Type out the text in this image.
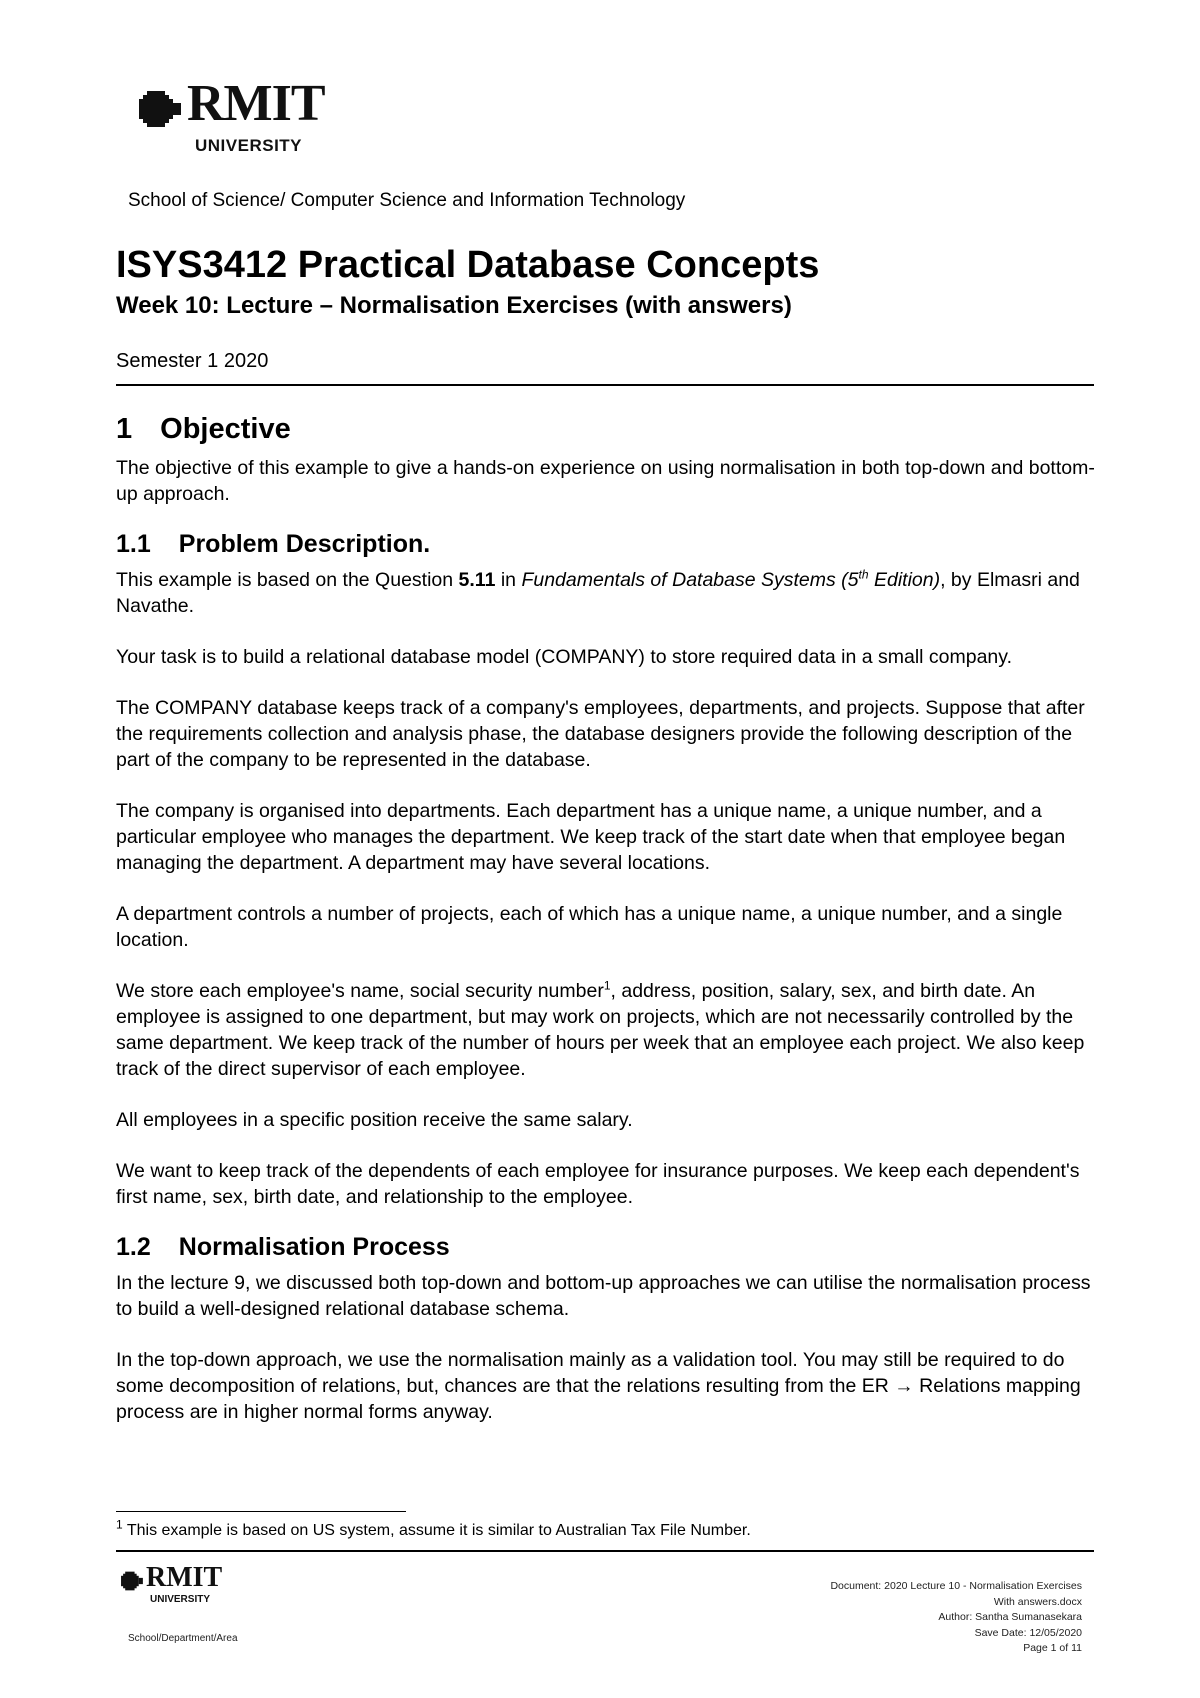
RMIT
UNIVERSITY
School of Science/ Computer Science and Information Technology
ISYS3412 Practical Database Concepts
Week 10: Lecture – Normalisation Exercises (with answers)
Semester 1 2020
1 Objective

The objective of this example to give a hands-on experience on using normalisation in both top-down and bottom-up approach.

1.1 Problem Description.

This example is based on the Question 5.11 in Fundamentals of Database Systems (5th Edition), by Elmasri and Navathe.

Your task is to build a relational database model (COMPANY) to store required data in a small company.

The COMPANY database keeps track of a company's employees, departments, and projects. Suppose that after the requirements collection and analysis phase, the database designers provide the following description of the part of the company to be represented in the database.

The company is organised into departments. Each department has a unique name, a unique number, and a particular employee who manages the department. We keep track of the start date when that employee began managing the department. A department may have several locations.

A department controls a number of projects, each of which has a unique name, a unique number, and a single location.

We store each employee's name, social security number$^1$, address, position, salary, sex, and birth date. An employee is assigned to one department, but may work on projects, which are not necessarily controlled by the same department. We keep track of the number of hours per week that an employee each project. We also keep track of the direct supervisor of each employee.

All employees in a specific position receive the same salary.

We want to keep track of the dependents of each employee for insurance purposes. We keep each dependent's first name, sex, birth date, and relationship to the employee.

1.2 Normalisation Process

In the lecture 9, we discussed both top-down and bottom-up approaches we can utilise the normalisation process to build a well-designed relational database schema.

In the top-down approach, we use the normalisation mainly as a validation tool. You may still be required to do some decomposition of relations, but, chances are that the relations resulting from the ER → Relations mapping process are in higher normal forms anyway.

$^1$ This example is based on US system, assume it is similar to Australian Tax File Number.
RMIT
UNIVERSITY
School/Department/Area
Document: 2020 Lecture 10 - Normalisation Exercises
With answers.docx
Author: Santha Sumanasekara
Save Date: 12/05/2020
Page 1 of 11
